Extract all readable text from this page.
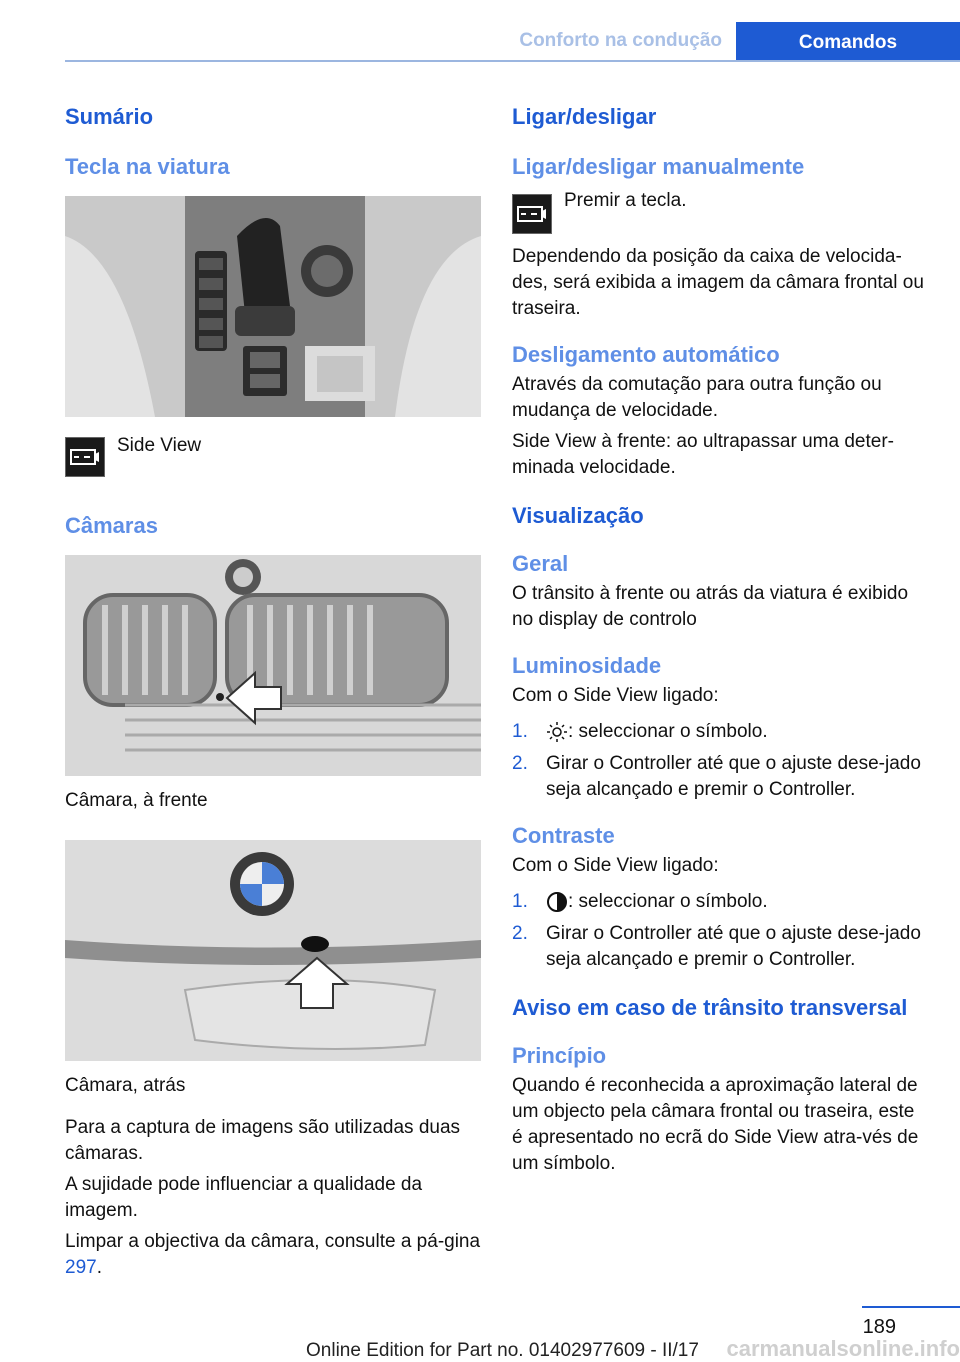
Conforto na condução	Comandos
Sumário
Tecla na viatura

Side View

Câmaras

Câmara, à frente

Câmara, atrás

Para a captura de imagens são utilizadas duas câmaras.

A sujidade pode influenciar a qualidade da imagem.

Limpar a objectiva da câmara, consulte a pá-gina 297.

Ligar/desligar
Ligar/desligar manualmente

Premir a tecla.

Dependendo da posição da caixa de velocida-des, será exibida a imagem da câmara frontal ou traseira.

Desligamento automático

Através da comutação para outra função ou mudança de velocidade.

Side View à frente: ao ultrapassar uma deter-minada velocidade.

Visualização
Geral

O trânsito à frente ou atrás da viatura é exibido no display de controlo

Luminosidade

Com o Side View ligado:

1.	: seleccionar o símbolo.
2. Girar o Controller até que o ajuste dese-jado seja alcançado e premir o Controller.
Contraste

Com o Side View ligado:

1.	: seleccionar o símbolo.
2. Girar o Controller até que o ajuste dese-jado seja alcançado e premir o Controller.
Aviso em caso de trânsito transversal
Princípio

Quando é reconhecida a aproximação lateral de um objecto pela câmara frontal ou traseira, este é apresentado no ecrã do Side View atra-vés de um símbolo.

189
Online Edition for Part no. 01402977609 - II/17 carmanualsonline.info
